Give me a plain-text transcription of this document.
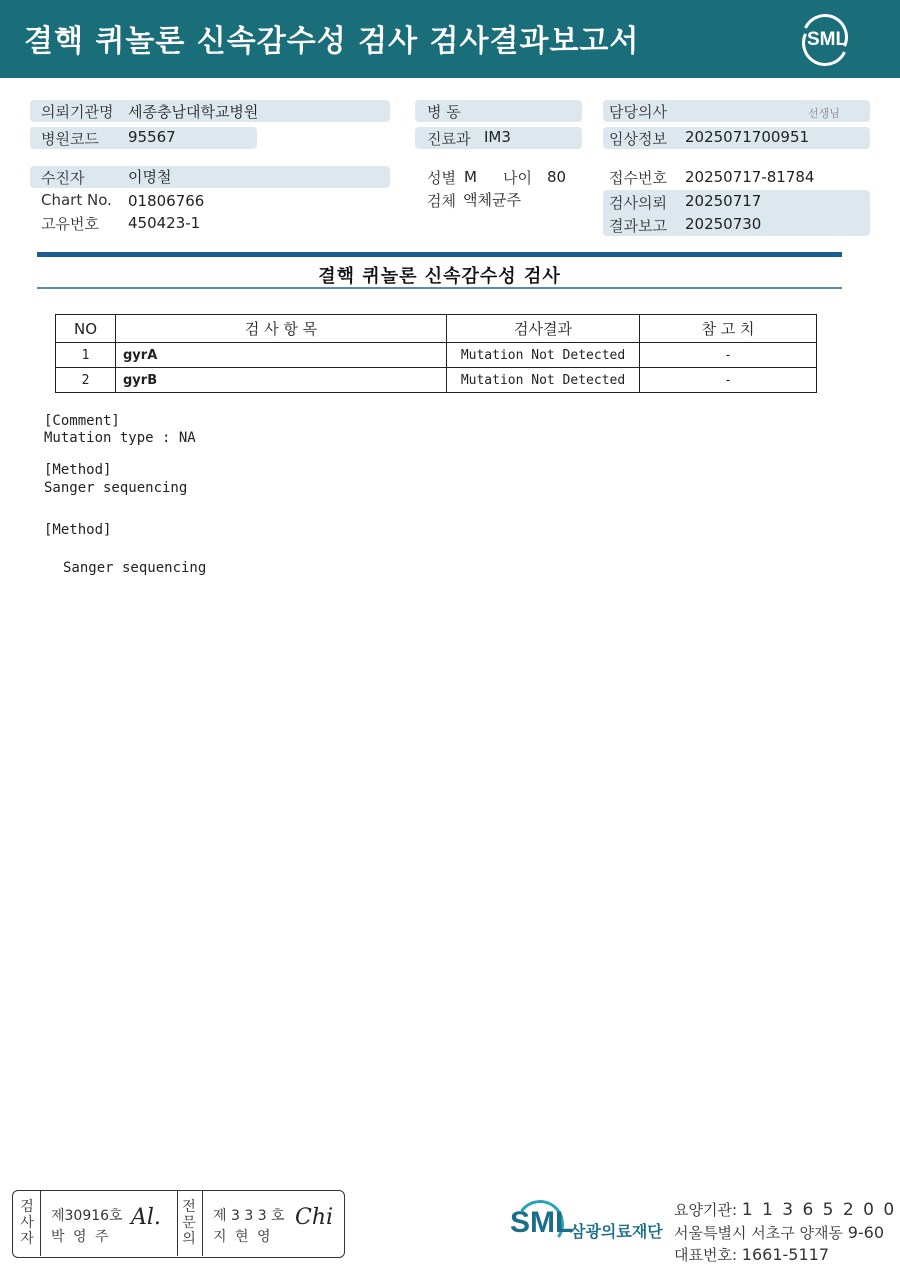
결핵 퀴놀론 신속감수성 검사 검사결과보고서	SML
의뢰기관명 세종충남대학교병원
병원코드 95567
수진자	이명철
Chart No. 01806766
고유번호 450423-1
병 동
진료과 IM3
성별 M 나이 80
검체 액체균주
담당의사	선생님
임상정보 2025071700951
접수번호 20250717-81784
검사의뢰 20250717
결과보고 20250730
결핵 퀴놀론 신속감수성 검사
NO	검 사 항 목	검사결과	참 고 치
1	gyrA	Mutation Not Detected	-
2	gyrB	Mutation Not Detected	-
[Comment]
Mutation type : NA
[Method]
Sanger sequencing
[Method]
Sanger sequencing
검사자
제30916호
박 영 주
Al.	전문의
제 3 3 3 호
지 현 영
Chi	SML
삼광의료재단
요양기관: 1 1 3 6 5 2 0 0
서울특별시 서초구 양재동 9-60
대표번호: 1661-5117
